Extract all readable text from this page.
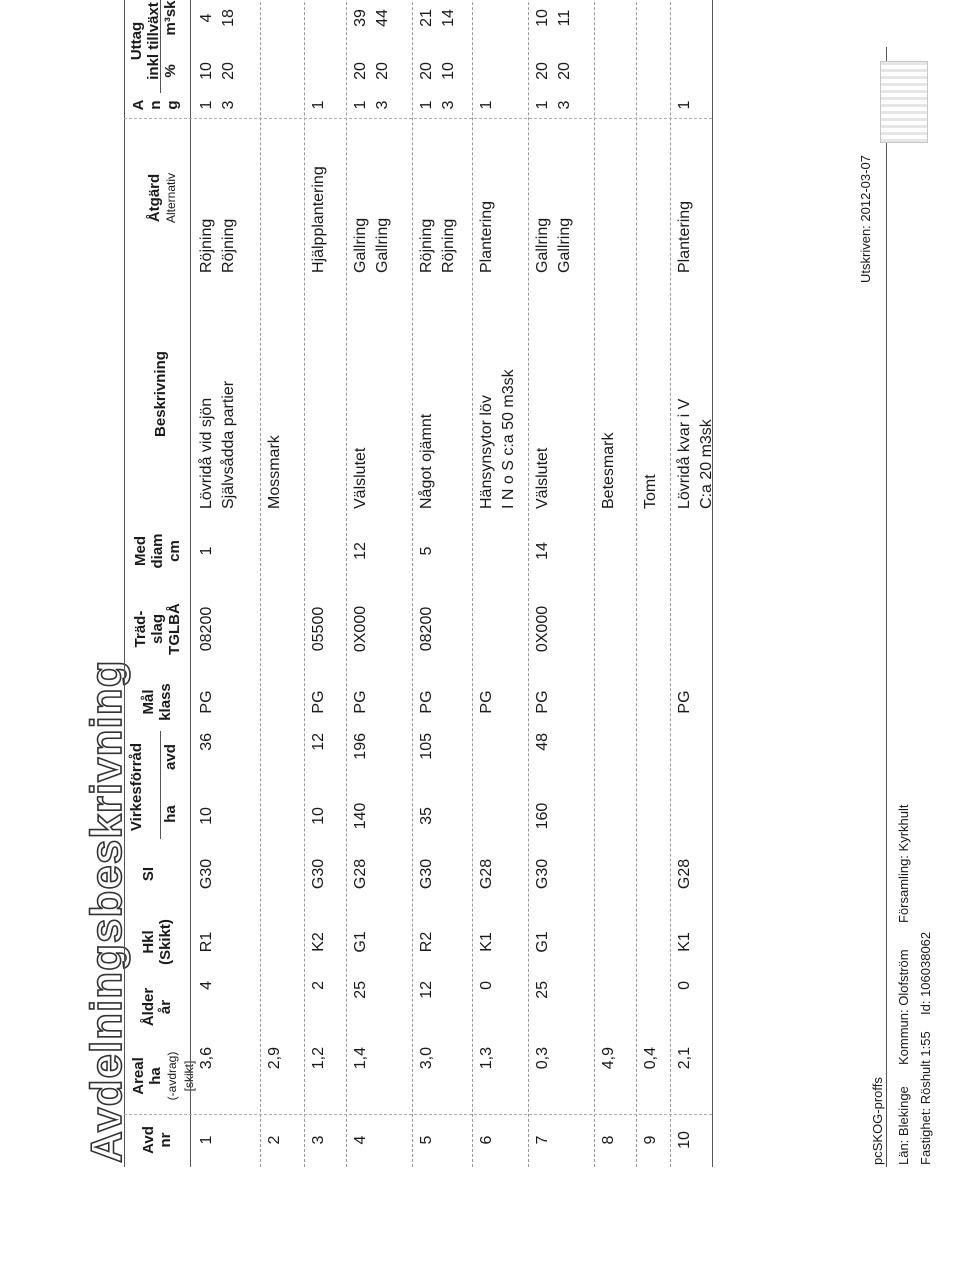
Avdelningsbeskrivning Avd nr
Areal ha (-avdrag) [skikt]
Ålder år
Hkl (Skikt)
SI
Virkesförråd ha
avd
Mål klass
Träd- slag TGLBÅ
Med diam cm
Beskrivning
Åtgärd Alternativ
A n g
Uttag inkl tillväxt %
m³sk
1
3,6
4
R1
G30
10
36
PG
08200
1
Lövridå vid sjön Självsådda partier
Röjning Röjning
1 3
10 20
4 18
2
2,9
Mossmark
3
1,2
2
K2
G30
10
12
PG
05500
Hjälpplantering
1
4
1,4
25
G1
G28
140
196
PG
0X000
12
Välslutet
Gallring Gallring
1 3
20 20
39 44
5
3,0
12
R2
G30
35
105
PG
08200
5
Något ojämnt
Röjning Röjning
1 3
20 10
21 14
6
1,3
0
K1
G28
PG
Hänsynsytor löv I N o S c:a 50 m3sk
Plantering
1
7
0,3
25
G1
G30
160
48
PG
0X000
14
Välslutet
Gallring Gallring
1 3
20 20
10 11
8
4,9
Betesmark
9
0,4
Tomt
10
2,1
0
K1
G28
PG
Lövridå kvar i V C:a 20 m3sk
Plantering
1
pcSKOG-proffs Län: Blekinge
Kommun: Olofström
Församling: Kyrkhult
Fastighet: Röshult 1:55
Id: 106038062
Utskriven: 2012-03-07
